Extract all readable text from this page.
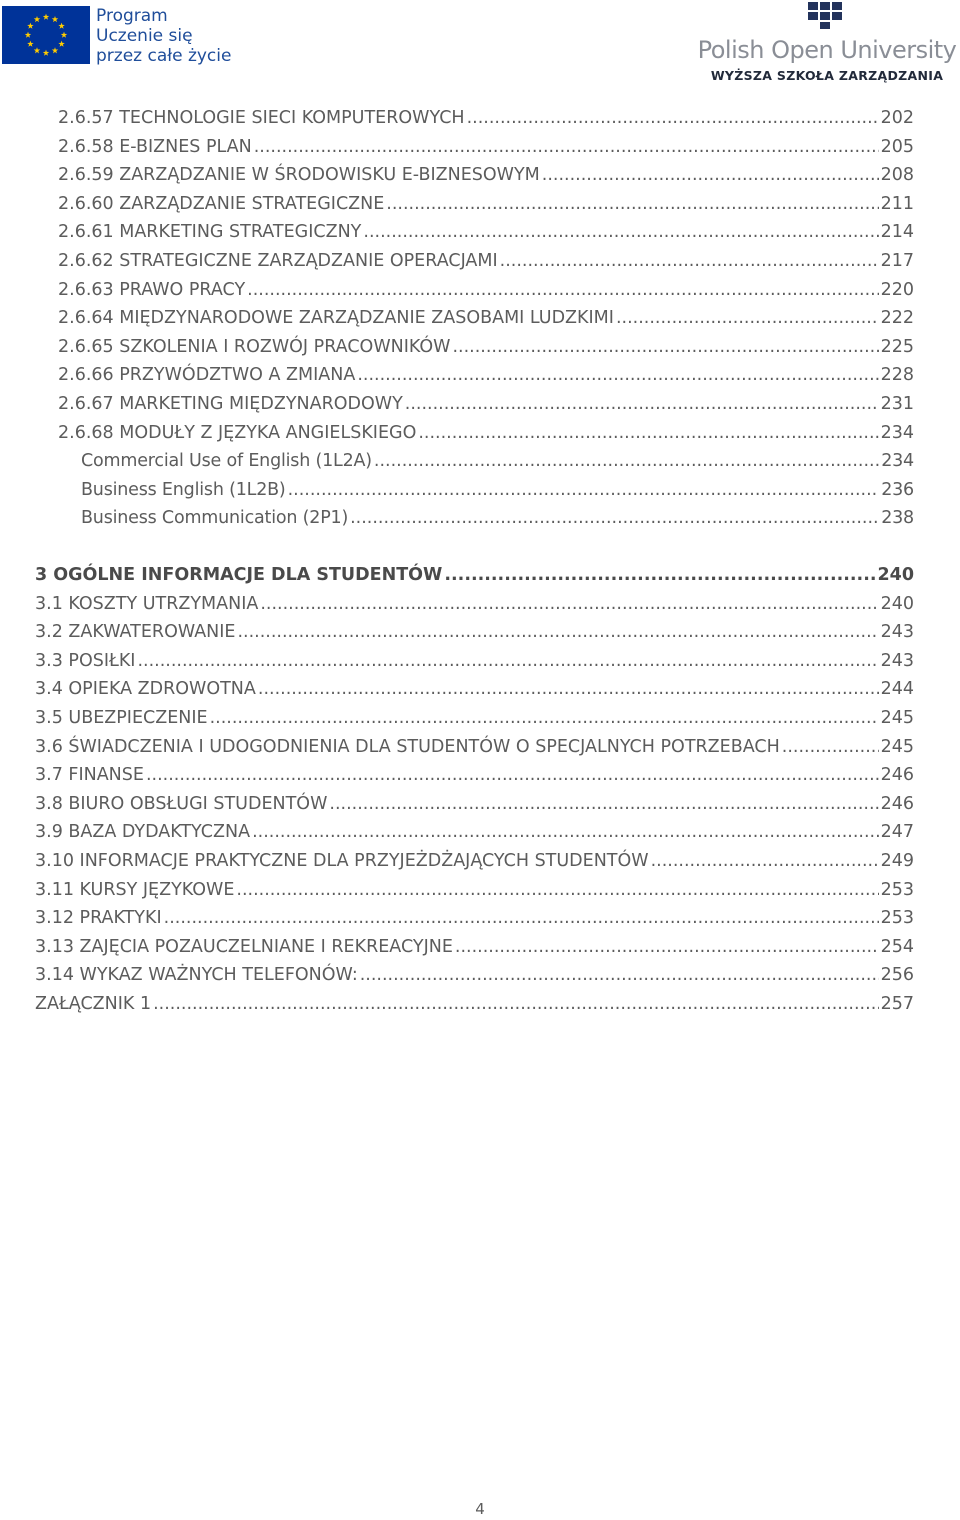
Program
Uczenie się
przez całe życie	Polish Open University
WYŻSZA SZKOŁA ZARZĄDZANIA
2.6.57 TECHNOLOGIE SIECI KOMPUTEROWYCH .....	202
2.6.58 E-BIZNES PLAN .....	205
2.6.59 ZARZĄDZANIE W ŚRODOWISKU E-BIZNESOWYM .....	208
2.6.60 ZARZĄDZANIE STRATEGICZNE .....	211
2.6.61 MARKETING STRATEGICZNY .....	214
2.6.62 STRATEGICZNE ZARZĄDZANIE OPERACJAMI .....	217
2.6.63 PRAWO PRACY .....	220
2.6.64 MIĘDZYNARODOWE ZARZĄDZANIE ZASOBAMI LUDZKIMI .....	222
2.6.65 SZKOLENIA I ROZWÓJ PRACOWNIKÓW .....	225
2.6.66 PRZYWÓDZTWO A ZMIANA .....	228
2.6.67 MARKETING MIĘDZYNARODOWY .....	231
2.6.68 MODUŁY Z JĘZYKA ANGIELSKIEGO .....	234
Commercial Use of English (1L2A) .....	234
Business English (1L2B) .....	236
Business Communication (2P1) .....	238
3 OGÓLNE INFORMACJE DLA STUDENTÓW .....	240
3.1 KOSZTY UTRZYMANIA .....	240
3.2 ZAKWATEROWANIE .....	243
3.3 POSIŁKI .....	243
3.4 OPIEKA ZDROWOTNA .....	244
3.5 UBEZPIECZENIE .....	245
3.6 ŚWIADCZENIA I UDOGODNIENIA DLA STUDENTÓW O SPECJALNYCH POTRZEBACH .....	245
3.7 FINANSE .....	246
3.8 BIURO OBSŁUGI STUDENTÓW .....	246
3.9 BAZA DYDAKTYCZNA .....	247
3.10 INFORMACJE PRAKTYCZNE DLA PRZYJEŻDŻAJĄCYCH STUDENTÓW .....	249
3.11 KURSY JĘZYKOWE .....	253
3.12 PRAKTYKI .....	253
3.13 ZAJĘCIA POZAUCZELNIANE I REKREACYJNE .....	254
3.14 WYKAZ WAŻNYCH TELEFONÓW: .....	256
ZAŁĄCZNIK 1 .....	257
4
